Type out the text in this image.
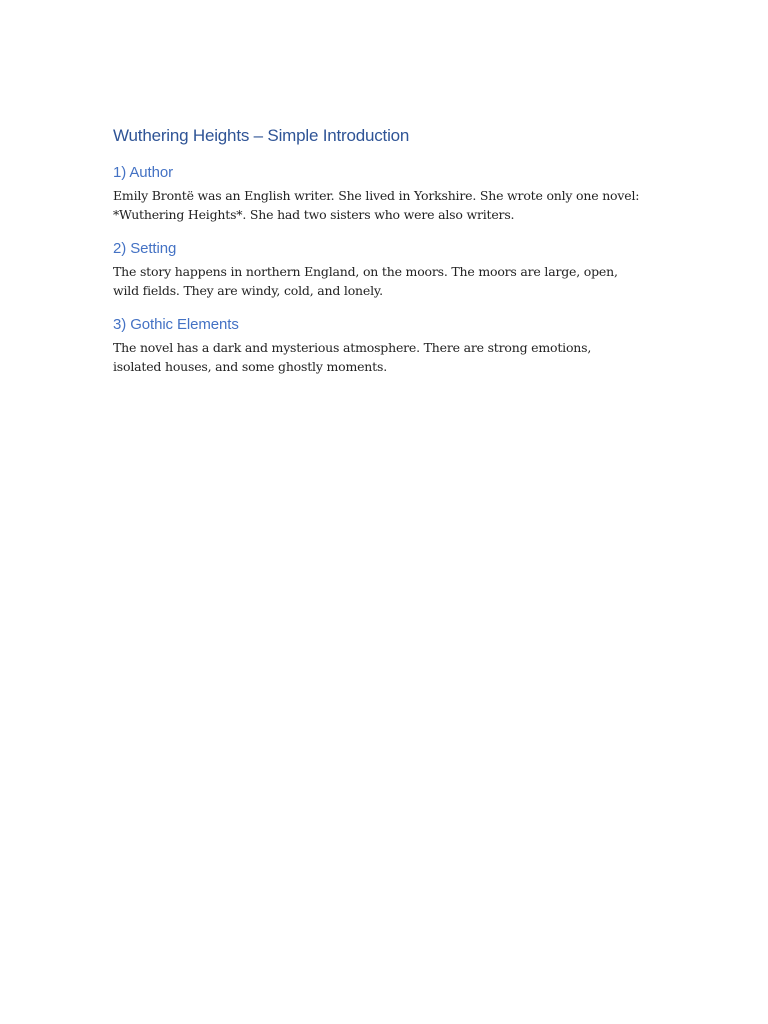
Wuthering Heights – Simple Introduction
1) Author

Emily Brontë was an English writer. She lived in Yorkshire. She wrote only one novel: *Wuthering Heights*. She had two sisters who were also writers.

2) Setting

The story happens in northern England, on the moors. The moors are large, open, wild fields. They are windy, cold, and lonely.

3) Gothic Elements

The novel has a dark and mysterious atmosphere. There are strong emotions, isolated houses, and some ghostly moments.
